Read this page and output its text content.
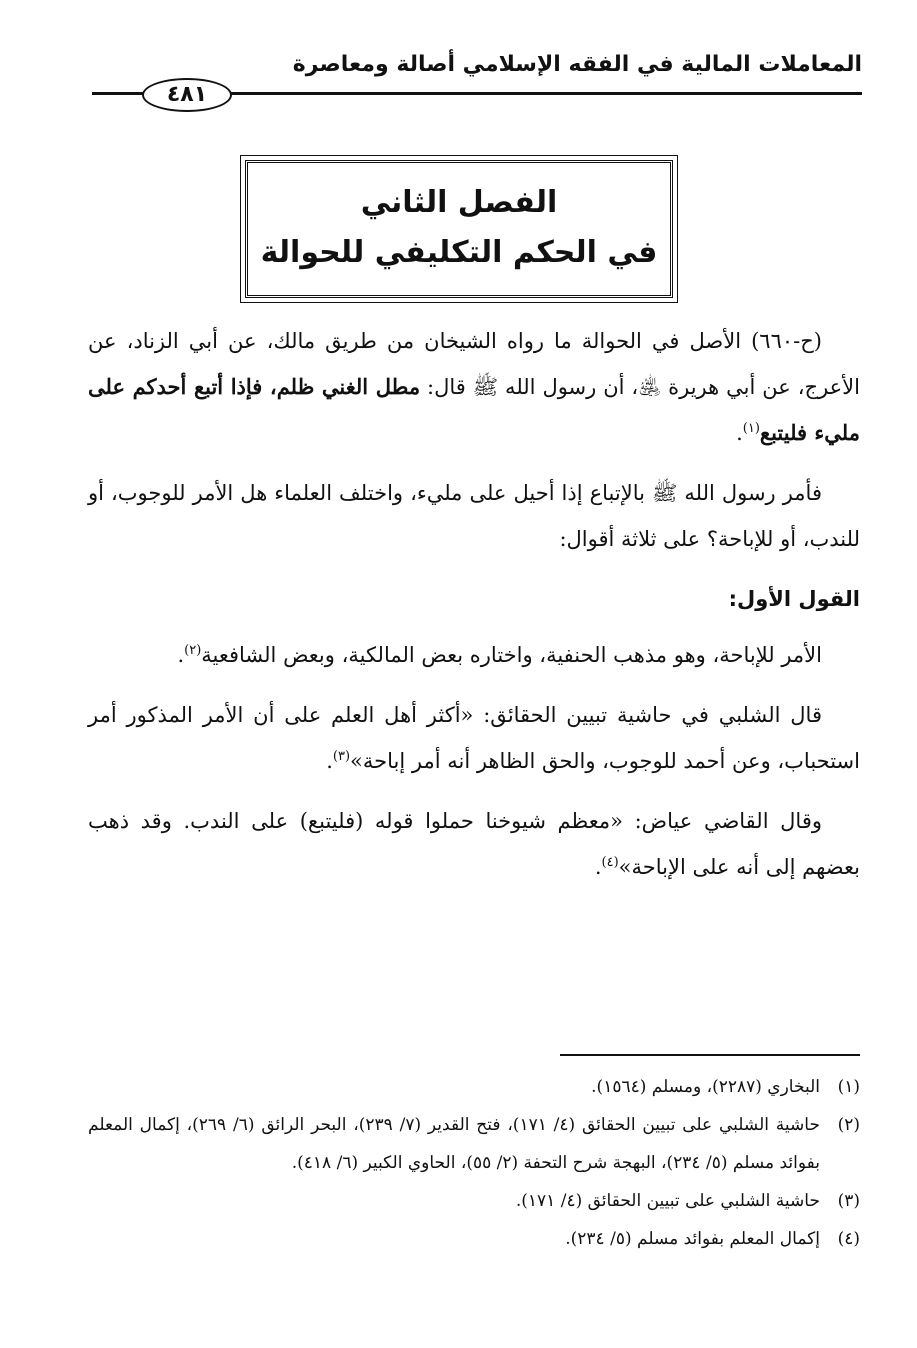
المعاملات المالية في الفقه الإسلامي أصالة ومعاصرة
٤٨١
الفصل الثاني
في الحكم التكليفي للحوالة

(ح-٦٦٠) الأصل في الحوالة ما رواه الشيخان من طريق مالك، عن أبي الزناد، عن الأعرج، عن أبي هريرة ﵁، أن رسول الله ﷺ قال: مطل الغني ظلم، فإذا أتبع أحدكم على مليء فليتبع$^{(١)}$.

فأمر رسول الله ﷺ بالإتباع إذا أحيل على مليء، واختلف العلماء هل الأمر للوجوب، أو للندب، أو للإباحة؟ على ثلاثة أقوال:

القول الأول:

الأمر للإباحة، وهو مذهب الحنفية، واختاره بعض المالكية، وبعض الشافعية$^{(٢)}$.

قال الشلبي في حاشية تبيين الحقائق: «أكثر أهل العلم على أن الأمر المذكور أمر استحباب، وعن أحمد للوجوب، والحق الظاهر أنه أمر إباحة»$^{(٣)}$.

وقال القاضي عياض: «معظم شيوخنا حملوا قوله (فليتبع) على الندب. وقد ذهب بعضهم إلى أنه على الإباحة»$^{(٤)}$.

(١)
البخاري (٢٢٨٧)، ومسلم (١٥٦٤).

(٢)
حاشية الشلبي على تبيين الحقائق (٤/ ١٧١)، فتح القدير (٧/ ٢٣٩)، البحر الرائق (٦/ ٢٦٩)، إكمال المعلم بفوائد مسلم (٥/ ٢٣٤)، البهجة شرح التحفة (٢/ ٥٥)، الحاوي الكبير (٦/ ٤١٨).

(٣)
حاشية الشلبي على تبيين الحقائق (٤/ ١٧١).

(٤)
إكمال المعلم بفوائد مسلم (٥/ ٢٣٤).
